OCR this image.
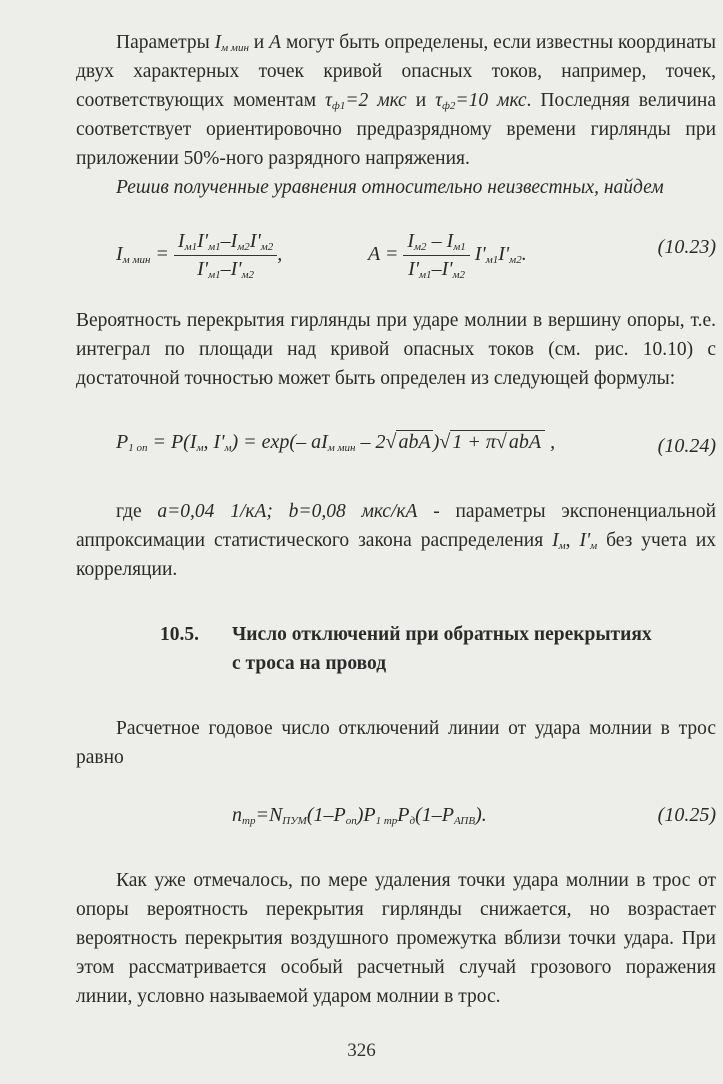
Параметры $I_{м мин}$ и A могут быть определены, если известны координаты двух характерных точек кривой опасных токов, например, точек, соответствующих моментам $\tau_{ф1}=2$ мкс и $\tau_{ф2}=10$ мкс. Последняя величина соответствует ориентировочно предразрядному времени гирлянды при приложении 50%-ного разрядного напряжения.

Решив полученные уравнения относительно неизвестных, найдем

$I_{м мин} = \frac{I_{м1}I'_{м1}-I_{м2}I'_{м2}}{I'_{м1}-I'_{м2}}$ ,	$A = \frac{I_{м2} - I_{м1}}{I'_{м1}-I'_{м2}} I'_{м1}I'_{м2}$.	(10.23)

Вероятность перекрытия гирлянды при ударе молнии в вершину опоры, т.е. интеграл по площади над кривой опасных токов (см. рис. 10.10) с достаточной точностью может быть определен из следующей формулы:

$P_{1 оп} = P(I_м$, $I'_м) = \exp(-$ $aI_{м мин} - 2√$ abA )√ 1 + π√ abA ,	(10.24)

где a=0,04 1/кА; b=0,08 мкс/кА - параметры экспоненциальной аппроксимации статистического закона распределения $I_м$, $I'_м$ без учета их корреляции.

10.5. Число отключений при обратных перекрытиях с троса на провод

Расчетное годовое число отключений линии от удара молнии в трос равно

$n_{тр}=N_{ПУМ}(1-P_{оп})P_{1 тр}P_д(1-P_{АПВ})$.	(10.25)

Как уже отмечалось, по мере удаления точки удара молнии в трос от опоры вероятность перекрытия гирлянды снижается, но возрастает вероятность перекрытия воздушного промежутка вблизи точки удара. При этом рассматривается особый расчетный случай грозового поражения линии, условно называемой ударом молнии в трос.

326
